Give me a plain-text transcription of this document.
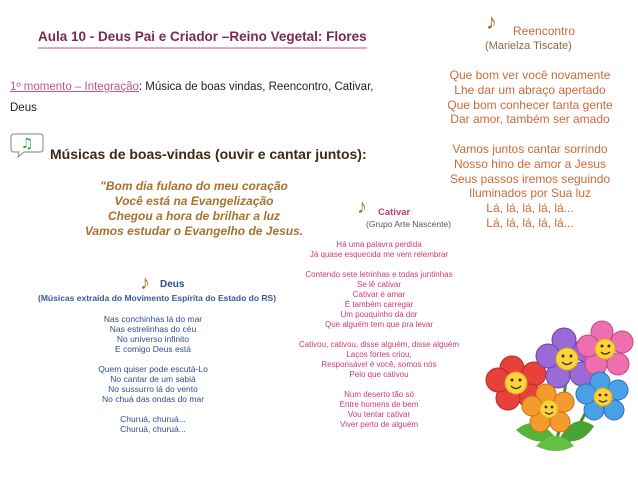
Aula 10 - Deus Pai e Criador –Reino Vegetal: Flores
1º momento – Integração: Música de boas vindas, Reencontro, Cativar, Deus
♫
Músicas de boas-vindas (ouvir e cantar juntos):
"Bom dia fulano do meu coração
Você está na Evangelização
Chegou a hora de brilhar a luz
Vamos estudar o Evangelho de Jesus.
♪ Deus
(Músicas extraída do Movimento Espírita do Estado do RS)
Nas conchinhas lá do mar
Nas estrelinhas do céu
No universo infinito
E comigo Deus está
Quem quiser pode escutá-Lo
No cantar de um sabiá
No sussurro lá do vento
No chuá das ondas do mar
Churuá, churuá...
Churuá, churuá...
♪ Cativar
(Grupo Arte Nascente)
Há uma palavra perdida
Já quase esquecida me vem relembrar
Contendo sete letrinhas e todas juntinhas
Se lê cativar
Cativar é amar
É também carregar
Um pouquinho da dor
Que alguém tem que pra levar
Cativou, cativou, disse alguém, disse alguém
Laços fortes criou,
Responsável é você, somos nós
Pelo que cativou
Num deserto tão só
Entre homens de bem
Vou tentar cativar
Viver perto de alguém
♪ Reencontro
(Marielza Tiscate)
Que bom ver você novamente
Lhe dar um abraço apertado
Que bom conhecer tanta gente
Dar amor, também ser amado
Vamos juntos cantar sorrindo
Nosso hino de amor a Jesus
Seus passos iremos seguindo
Iluminados por Sua luz
Lá, lá, lá, lá, lá...
Lá, lá, lá, lá, lá...
